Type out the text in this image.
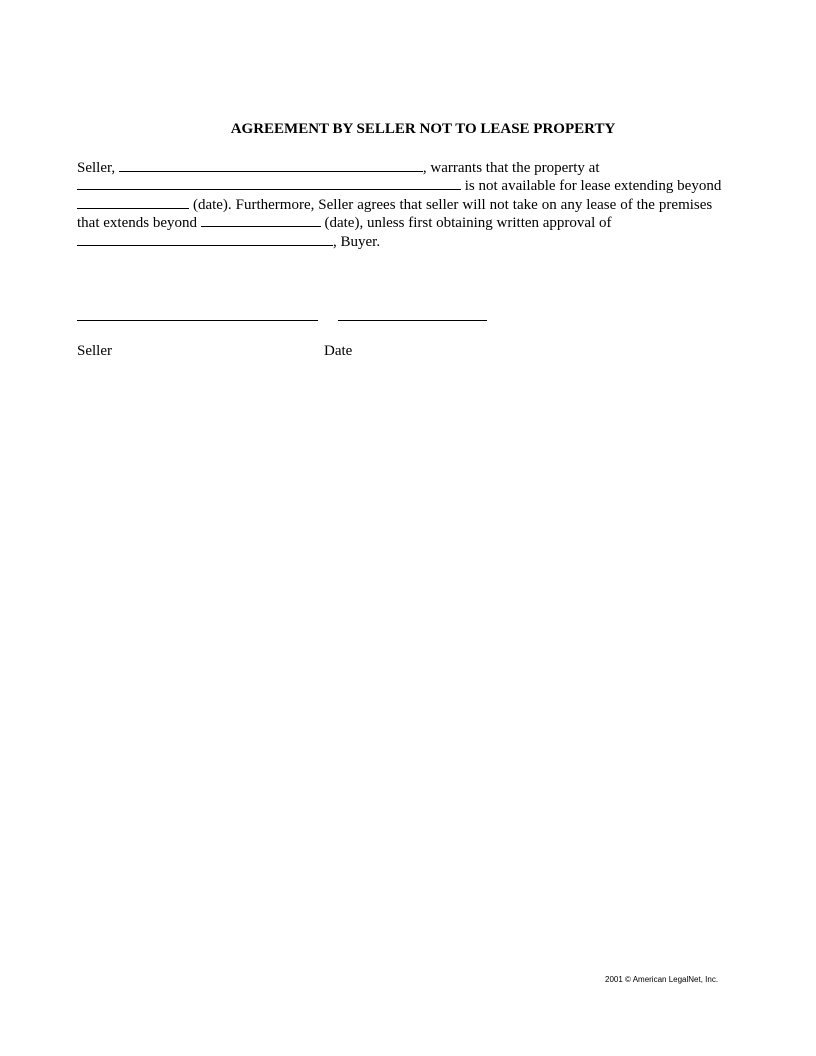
AGREEMENT BY SELLER NOT TO LEASE PROPERTY
Seller,	, warrants that the property at
is not available for lease extending beyond
(date). Furthermore, Seller agrees that seller will not take on any lease of the premises
that extends beyond	(date), unless first obtaining written approval of
, Buyer.
Seller	Date
2001 © American LegalNet, Inc.
